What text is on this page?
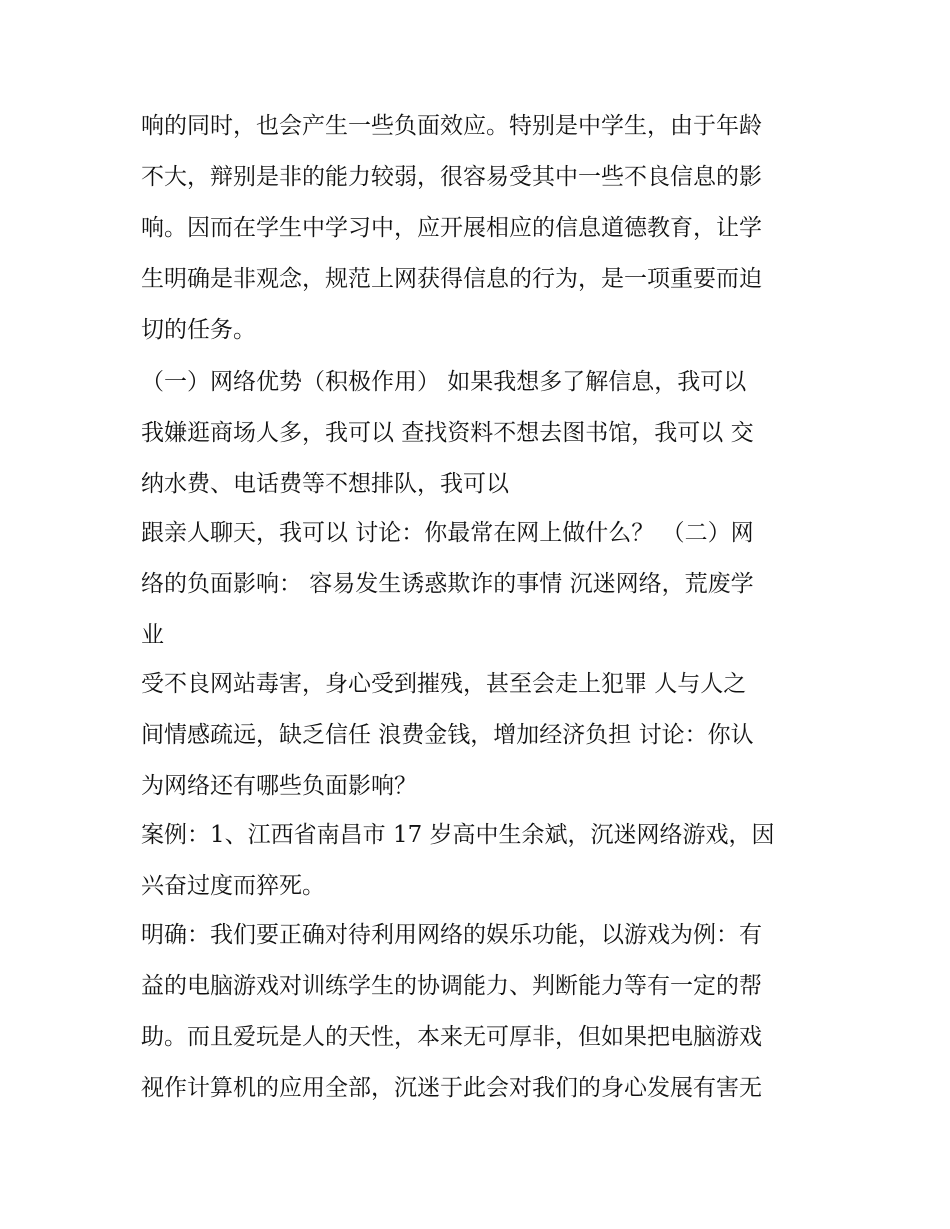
响的同时，也会产生一些负面效应。特别是中学生，由于年龄
不大，辩别是非的能力较弱，很容易受其中一些不良信息的影
响。因而在学生中学习中，应开展相应的信息道德教育，让学
生明确是非观念，规范上网获得信息的行为，是一项重要而迫
切的任务。
（一）网络优势（积极作用） 如果我想多了解信息，我可以
我嫌逛商场人多，我可以 查找资料不想去图书馆，我可以 交
纳水费、电话费等不想排队，我可以
跟亲人聊天，我可以 讨论：你最常在网上做什么？ （二）网
络的负面影响： 容易发生诱惑欺诈的事情 沉迷网络，荒废学
业
受不良网站毒害，身心受到摧残，甚至会走上犯罪 人与人之
间情感疏远，缺乏信任 浪费金钱，增加经济负担 讨论：你认
为网络还有哪些负面影响？
案例：1、江西省南昌市 17 岁高中生余斌，沉迷网络游戏，因
兴奋过度而猝死。
明确：我们要正确对待利用网络的娱乐功能，以游戏为例：有
益的电脑游戏对训练学生的协调能力、判断能力等有一定的帮
助。而且爱玩是人的天性，本来无可厚非，但如果把电脑游戏
视作计算机的应用全部，沉迷于此会对我们的身心发展有害无
